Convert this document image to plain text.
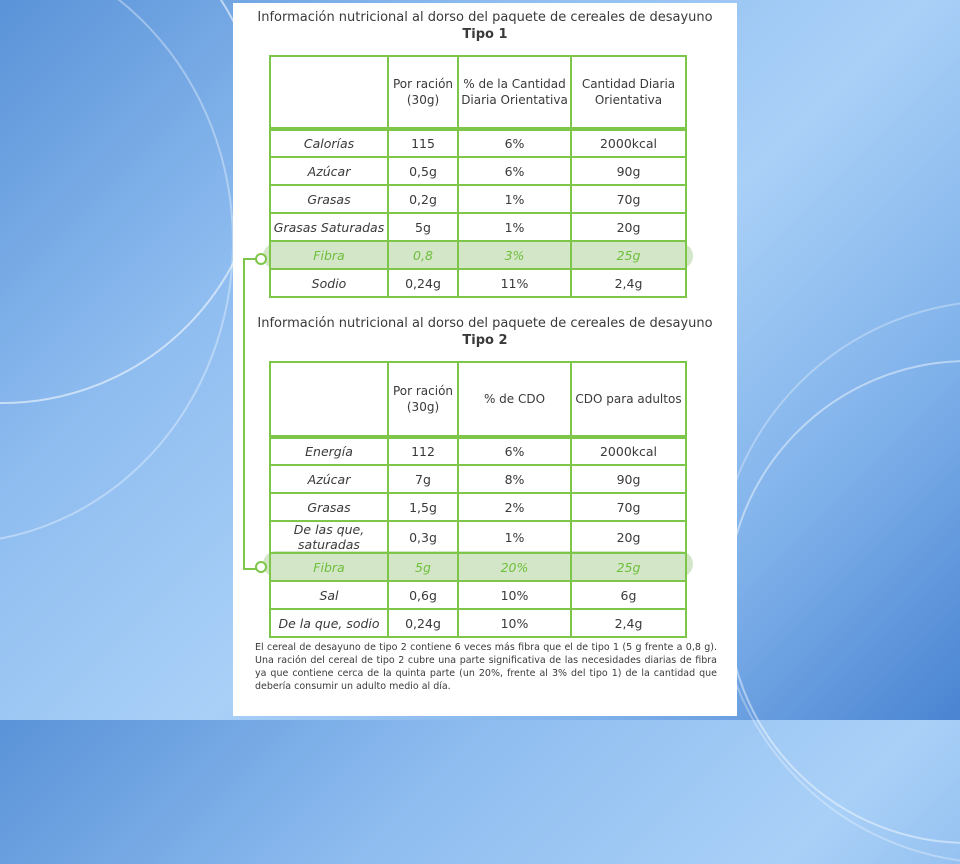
Información nutricional al dorso del paquete de cereales de desayuno
Tipo 1
	Por ración (30g)	% de la Cantidad Diaria Orientativa	Cantidad Diaria Orientativa
Calorías	115	6%	2000kcal
Azúcar	0,5g	6%	90g
Grasas	0,2g	1%	70g
Grasas Saturadas	5g	1%	20g
Fibra	0,8	3%	25g
Sodio	0,24g	11%	2,4g
Información nutricional al dorso del paquete de cereales de desayuno
Tipo 2
	Por ración (30g)	% de CDO	CDO para adultos
Energía	112	6%	2000kcal
Azúcar	7g	8%	90g
Grasas	1,5g	2%	70g
De las que, saturadas	0,3g	1%	20g
Fibra	5g	20%	25g
Sal	0,6g	10%	6g
De la que, sodio	0,24g	10%	2,4g
El cereal de desayuno de tipo 2 contiene 6 veces más fibra que el de tipo 1 (5 g frente a 0,8 g). Una ración del cereal de tipo 2 cubre una parte significativa de las necesidades diarias de fibra ya que contiene cerca de la quinta parte (un 20%, frente al 3% del tipo 1) de la cantidad que debería consumir un adulto medio al día.
